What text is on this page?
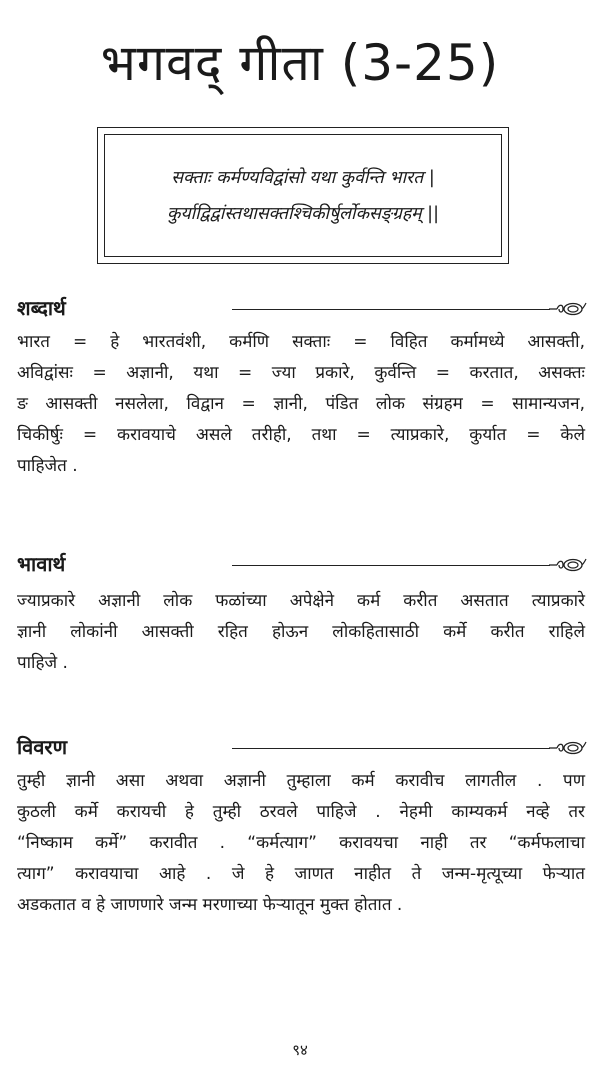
भगवद् गीता (3-25)
सक्ताः कर्मण्यविद्वांसो यथा कुर्वन्ति भारत |
कुर्याद्विद्वांस्तथासक्तश्चिकीर्षुर्लोकसङ्ग्रहम् ||
शब्दार्थ
भारत = हे भारतवंशी, कर्मणि सक्ताः = विहित कर्मामध्ये आसक्ती,
अविद्वांसः = अज्ञानी, यथा = ज्या प्रकारे, कुर्वन्ति = करतात, असक्तः
ङ आसक्ती नसलेला, विद्वान = ज्ञानी, पंडित लोक संग्रहम = सामान्यजन,
चिकीर्षुः = करावयाचे असले तरीही, तथा = त्याप्रकारे, कुर्यात = केले
पाहिजेत .
भावार्थ
ज्याप्रकारे अज्ञानी लोक फळांच्या अपेक्षेने कर्म करीत असतात त्याप्रकारे
ज्ञानी लोकांनी आसक्ती रहित होऊन लोकहितासाठी कर्मे करीत राहिले
पाहिजे .
विवरण
तुम्ही ज्ञानी असा अथवा अज्ञानी तुम्हाला कर्म करावीच लागतील . पण
कुठली कर्मे करायची हे तुम्ही ठरवले पाहिजे . नेहमी काम्यकर्म नव्हे तर
“निष्काम कर्मे” करावीत . “कर्मत्याग” करावयचा नाही तर “कर्मफलाचा
त्याग” करावयाचा आहे . जे हे जाणत नाहीत ते जन्म-मृत्यूच्या फेऱ्यात
अडकतात व हे जाणणारे जन्म मरणाच्या फेऱ्यातून मुक्त होतात .
९४
